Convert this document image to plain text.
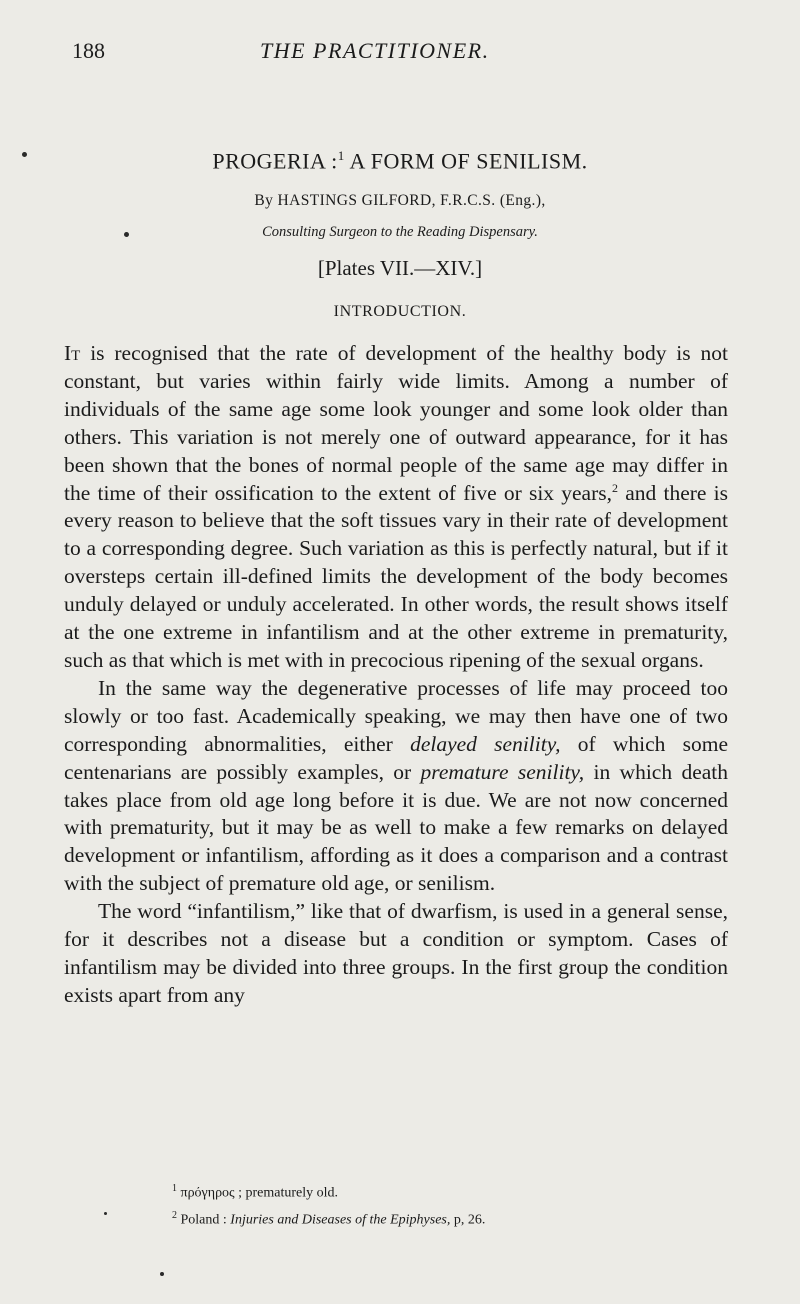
188	THE PRACTITIONER.
PROGERIA :$^1$ A FORM OF SENILISM.
By HASTINGS GILFORD, F.R.C.S. (Eng.),
Consulting Surgeon to the Reading Dispensary.
[Plates VII.—XIV.]
INTRODUCTION.

It is recognised that the rate of development of the healthy body is not constant, but varies within fairly wide limits. Among a number of individuals of the same age some look younger and some look older than others. This variation is not merely one of outward appearance, for it has been shown that the bones of normal people of the same age may differ in the time of their ossification to the extent of five or six years,$^2$ and there is every reason to believe that the soft tissues vary in their rate of development to a corresponding degree. Such variation as this is perfectly natural, but if it oversteps certain ill-defined limits the development of the body becomes unduly delayed or unduly accelerated. In other words, the result shows itself at the one extreme in infantilism and at the other extreme in prematurity, such as that which is met with in precocious ripening of the sexual organs.

In the same way the degenerative processes of life may proceed too slowly or too fast. Academically speaking, we may then have one of two corresponding abnormalities, either delayed senility, of which some centenarians are possibly examples, or premature senility, in which death takes place from old age long before it is due. We are not now concerned with prematurity, but it may be as well to make a few remarks on delayed development or infantilism, affording as it does a comparison and a contrast with the subject of premature old age, or senilism.

The word “infantilism,” like that of dwarfism, is used in a general sense, for it describes not a disease but a condition or symptom. Cases of infantilism may be divided into three groups. In the first group the condition exists apart from any

$^1$ πρόγηρος ; prematurely old.
$^2$ Poland : Injuries and Diseases of the Epiphyses, p, 26.
